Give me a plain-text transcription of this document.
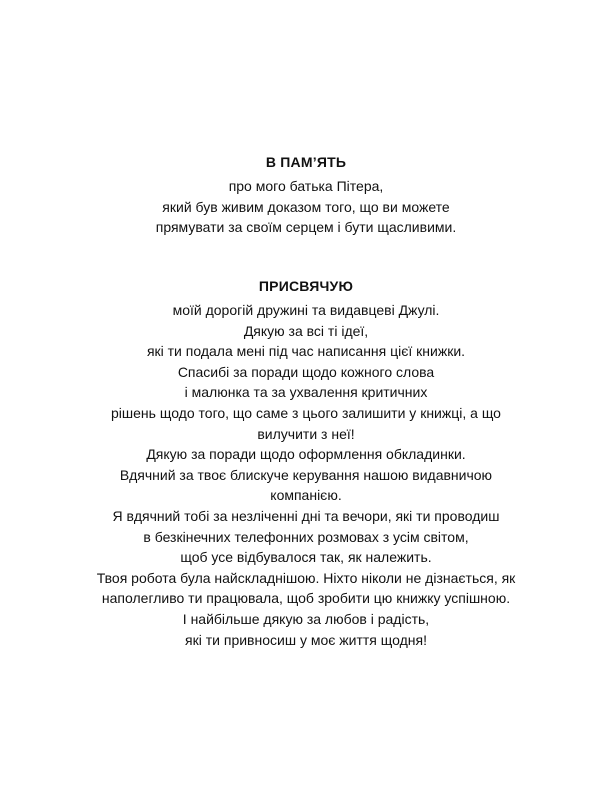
В ПАМ’ЯТЬ
про мого батька Пітера,
який був живим доказом того, що ви можете
прямувати за своїм серцем і бути щасливими.
ПРИСВЯЧУЮ
моїй дорогій дружині та видавцеві Джулі.
Дякую за всі ті ідеї,
які ти подала мені під час написання цієї книжки.
Спасибі за поради щодо кожного слова
і малюнка та за ухвалення критичних
рішень щодо того, що саме з цього залишити у книжці, а що
вилучити з неї!
Дякую за поради щодо оформлення обкладинки.
Вдячний за твоє блискуче керування нашою видавничою
компанією.
Я вдячний тобі за незліченні дні та вечори, які ти проводиш
в безкінечних телефонних розмовах з усім світом,
щоб усе відбувалося так, як належить.
Твоя робота була найскладнішою. Ніхто ніколи не дізнається, як
наполегливо ти працювала, щоб зробити цю книжку успішною.
І найбільше дякую за любов і радість,
які ти привносиш у моє життя щодня!
